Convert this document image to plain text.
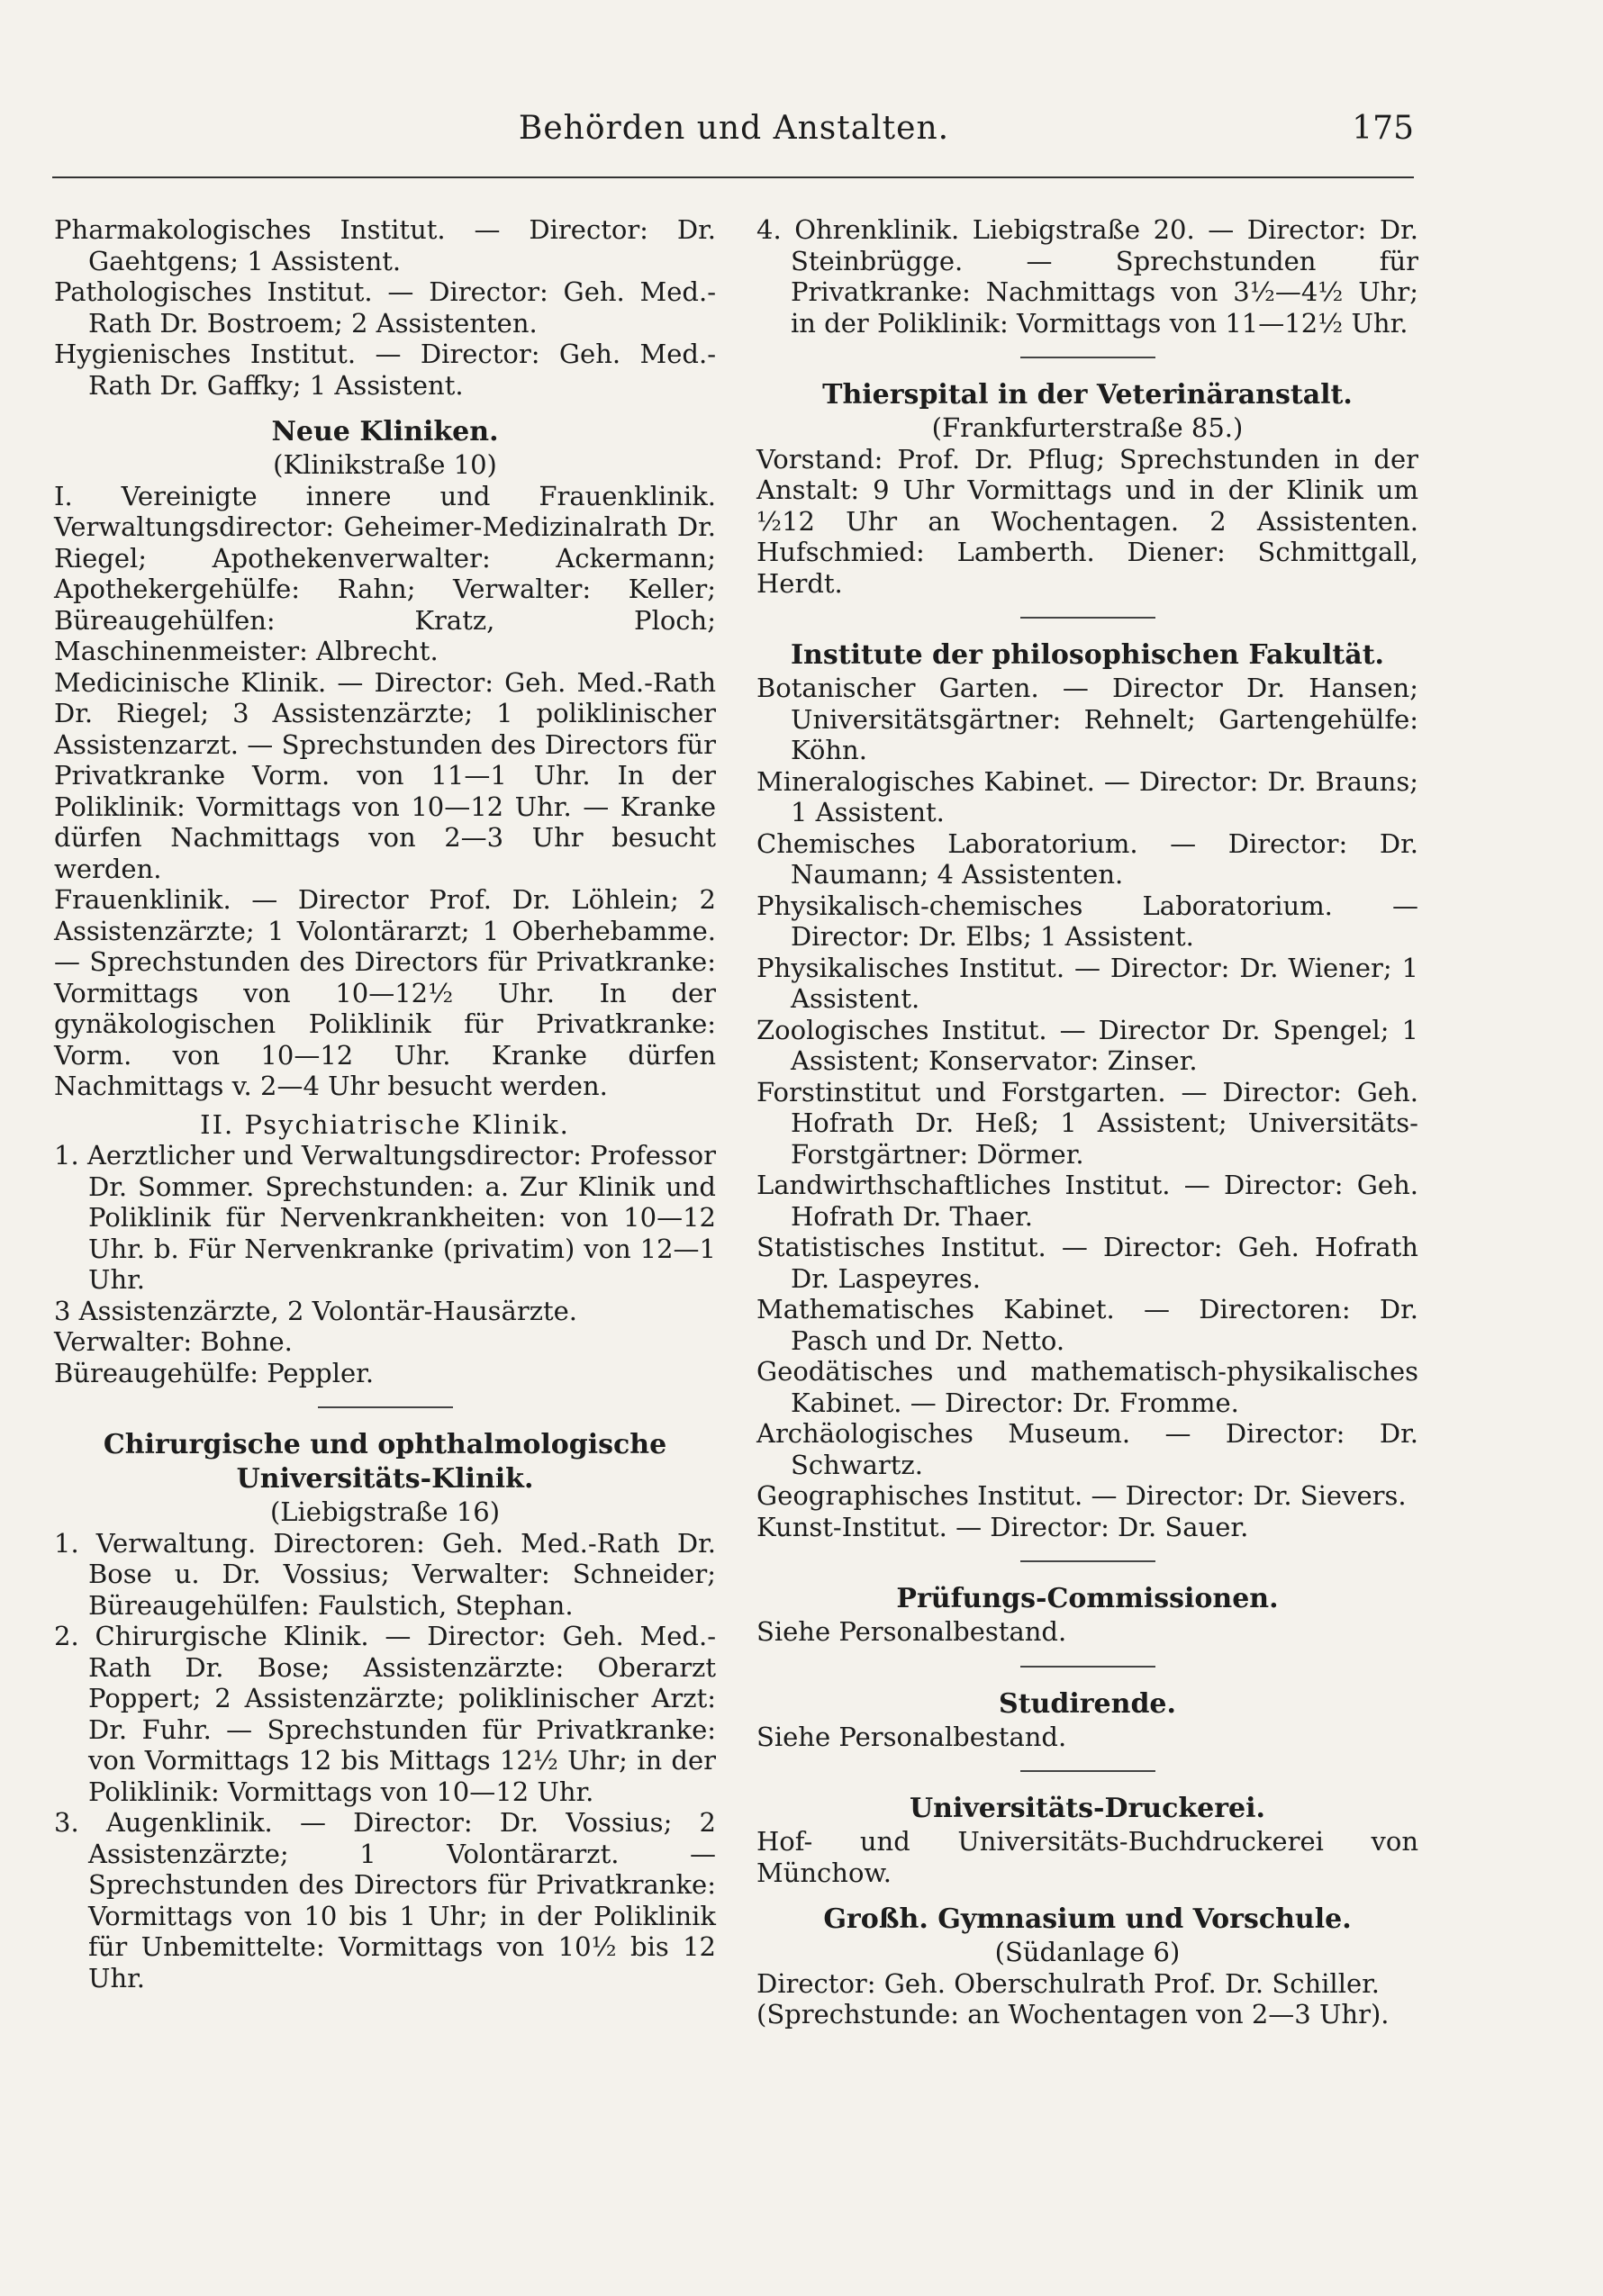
Behörden und Anstalten.	175

Pharmakologisches Institut. — Director: Dr. Gaehtgens; 1 Assistent.

Pathologisches Institut. — Director: Geh. Med.-Rath Dr. Bostroem; 2 Assistenten.

Hygienisches Institut. — Director: Geh. Med.-Rath Dr. Gaffky; 1 Assistent.

Neue Kliniken.

(Klinikstraße 10)

I. Vereinigte innere und Frauenklinik. Verwaltungsdirector: Geheimer-Medizinalrath Dr. Riegel; Apothekenverwalter: Ackermann; Apothekergehülfe: Rahn; Verwalter: Keller; Büreaugehülfen: Kratz, Ploch; Maschinenmeister: Albrecht.

Medicinische Klinik. — Director: Geh. Med.-Rath Dr. Riegel; 3 Assistenzärzte; 1 poliklinischer Assistenzarzt. — Sprechstunden des Directors für Privatkranke Vorm. von 11—1 Uhr. In der Poliklinik: Vormittags von 10—12 Uhr. — Kranke dürfen Nachmittags von 2—3 Uhr besucht werden.

Frauenklinik. — Director Prof. Dr. Löhlein; 2 Assistenzärzte; 1 Volontärarzt; 1 Oberhebamme. — Sprechstunden des Directors für Privatkranke: Vormittags von 10—12½ Uhr. In der gynäkologischen Poliklinik für Privatkranke: Vorm. von 10—12 Uhr. Kranke dürfen Nachmittags v. 2—4 Uhr besucht werden.

II. Psychiatrische Klinik.

1. Aerztlicher und Verwaltungsdirector: Professor Dr. Sommer. Sprechstunden: a. Zur Klinik und Poliklinik für Nervenkrankheiten: von 10—12 Uhr. b. Für Nervenkranke (privatim) von 12—1 Uhr.

3 Assistenzärzte, 2 Volontär-Hausärzte.

Verwalter: Bohne.

Büreaugehülfe: Peppler.

Chirurgische und ophthalmologische

Universitäts-Klinik.

(Liebigstraße 16)

1. Verwaltung. Directoren: Geh. Med.-Rath Dr. Bose u. Dr. Vossius; Verwalter: Schneider; Büreaugehülfen: Faulstich, Stephan.

2. Chirurgische Klinik. — Director: Geh. Med.-Rath Dr. Bose; Assistenzärzte: Oberarzt Poppert; 2 Assistenzärzte; poliklinischer Arzt: Dr. Fuhr. — Sprechstunden für Privatkranke: von Vormittags 12 bis Mittags 12½ Uhr; in der Poliklinik: Vormittags von 10—12 Uhr.

3. Augenklinik. — Director: Dr. Vossius; 2 Assistenzärzte; 1 Volontärarzt. — Sprechstunden des Directors für Privatkranke: Vormittags von 10 bis 1 Uhr; in der Poliklinik für Unbemittelte: Vormittags von 10½ bis 12 Uhr.

4. Ohrenklinik. Liebigstraße 20. — Director: Dr. Steinbrügge. — Sprechstunden für Privatkranke: Nachmittags von 3½—4½ Uhr; in der Poliklinik: Vormittags von 11—12½ Uhr.

Thierspital in der Veterinäranstalt.

(Frankfurterstraße 85.)

Vorstand: Prof. Dr. Pflug; Sprechstunden in der Anstalt: 9 Uhr Vormittags und in der Klinik um ½12 Uhr an Wochentagen. 2 Assistenten. Hufschmied: Lamberth. Diener: Schmittgall, Herdt.

Institute der philosophischen Fakultät.

Botanischer Garten. — Director Dr. Hansen; Universitätsgärtner: Rehnelt; Gartengehülfe: Köhn.

Mineralogisches Kabinet. — Director: Dr. Brauns; 1 Assistent.

Chemisches Laboratorium. — Director: Dr. Naumann; 4 Assistenten.

Physikalisch-chemisches Laboratorium. — Director: Dr. Elbs; 1 Assistent.

Physikalisches Institut. — Director: Dr. Wiener; 1 Assistent.

Zoologisches Institut. — Director Dr. Spengel; 1 Assistent; Konservator: Zinser.

Forstinstitut und Forstgarten. — Director: Geh. Hofrath Dr. Heß; 1 Assistent; Universitäts-Forstgärtner: Dörmer.

Landwirthschaftliches Institut. — Director: Geh. Hofrath Dr. Thaer.

Statistisches Institut. — Director: Geh. Hofrath Dr. Laspeyres.

Mathematisches Kabinet. — Directoren: Dr. Pasch und Dr. Netto.

Geodätisches und mathematisch-physikalisches Kabinet. — Director: Dr. Fromme.

Archäologisches Museum. — Director: Dr. Schwartz.

Geographisches Institut. — Director: Dr. Sievers.

Kunst-Institut. — Director: Dr. Sauer.

Prüfungs-Commissionen.

Siehe Personalbestand.

Studirende.

Siehe Personalbestand.

Universitäts-Druckerei.

Hof- und Universitäts-Buchdruckerei von Münchow.

Großh. Gymnasium und Vorschule.

(Südanlage 6)

Director: Geh. Oberschulrath Prof. Dr. Schiller.

(Sprechstunde: an Wochentagen von 2—3 Uhr).
